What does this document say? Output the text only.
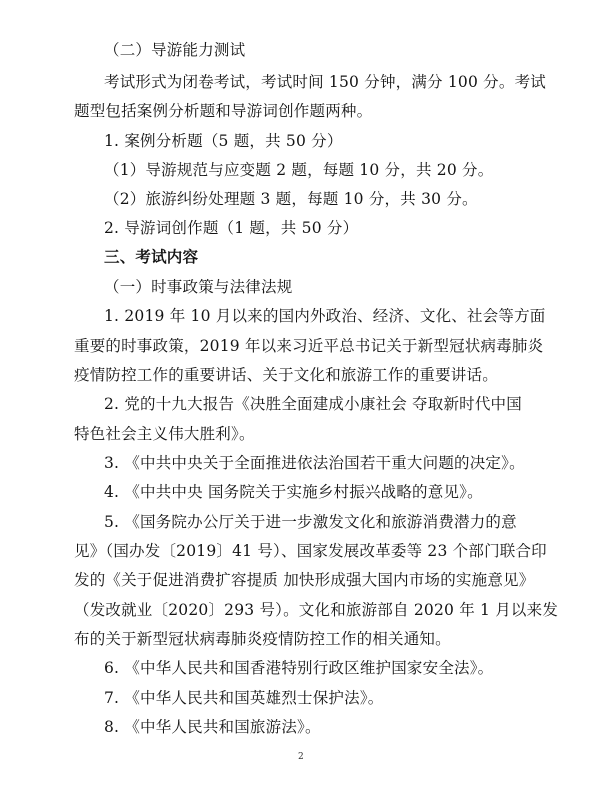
（二）导游能力测试
考试形式为闭卷考试，考试时间 150 分钟，满分 100 分。考试
题型包括案例分析题和导游词创作题两种。
1. 案例分析题（5 题，共 50 分）
（1）导游规范与应变题 2 题，每题 10 分，共 20 分。
（2）旅游纠纷处理题 3 题，每题 10 分，共 30 分。
2. 导游词创作题（1 题，共 50 分）
三、考试内容
（一）时事政策与法律法规
1. 2019 年 10 月以来的国内外政治、经济、文化、社会等方面
重要的时事政策，2019 年以来习近平总书记关于新型冠状病毒肺炎
疫情防控工作的重要讲话、关于文化和旅游工作的重要讲话。
2. 党的十九大报告《决胜全面建成小康社会 夺取新时代中国
特色社会主义伟大胜利》。
3. 《中共中央关于全面推进依法治国若干重大问题的决定》。
4. 《中共中央 国务院关于实施乡村振兴战略的意见》。
5. 《国务院办公厅关于进一步激发文化和旅游消费潜力的意
见》（国办发〔2019〕41 号）、国家发展改革委等 23 个部门联合印
发的《关于促进消费扩容提质 加快形成强大国内市场的实施意见》
（发改就业〔2020〕293 号）。文化和旅游部自 2020 年 1 月以来发
布的关于新型冠状病毒肺炎疫情防控工作的相关通知。
6. 《中华人民共和国香港特别行政区维护国家安全法》。
7. 《中华人民共和国英雄烈士保护法》。
8. 《中华人民共和国旅游法》。
2
